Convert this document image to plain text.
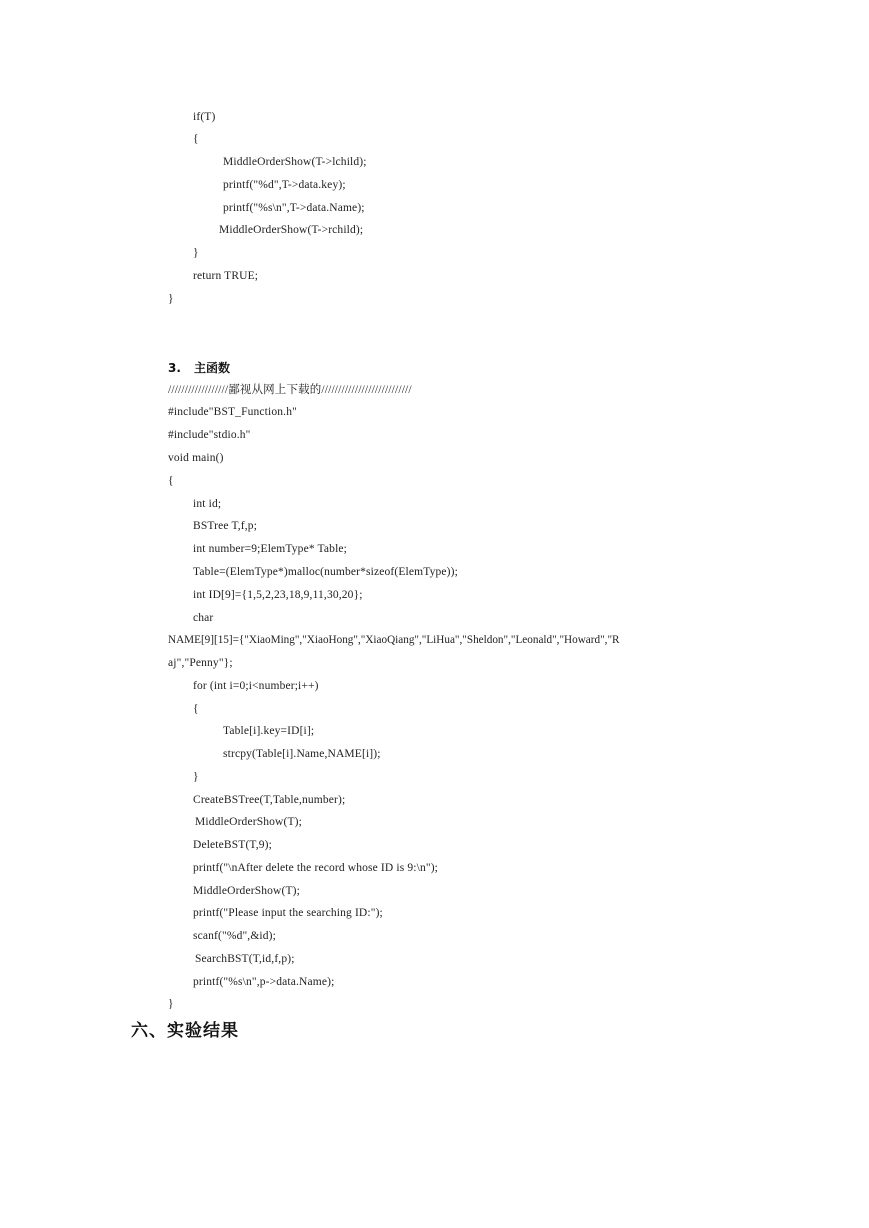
if(T)
{
MiddleOrderShow(T->lchild);
printf("%d",T->data.key);
printf("%s\n",T->data.Name);
MiddleOrderShow(T->rchild);
}
return TRUE;
}
3. 主函数
//////////////////鄙视从网上下载的///////////////////////////
#include"BST_Function.h"
#include"stdio.h"
void main()
{
int id;
BSTree T,f,p;
int number=9;ElemType* Table;
Table=(ElemType*)malloc(number*sizeof(ElemType));
int ID[9]={1,5,2,23,18,9,11,30,20};
char
NAME[9][15]={"XiaoMing","XiaoHong","XiaoQiang","LiHua","Sheldon","Leonald","Howard","R
aj","Penny"};
for (int i=0;i<number;i++)
{
Table[i].key=ID[i];
strcpy(Table[i].Name,NAME[i]);
}
CreateBSTree(T,Table,number);
MiddleOrderShow(T);
DeleteBST(T,9);
printf("\nAfter delete the record whose ID is 9:\n");
MiddleOrderShow(T);
printf("Please input the searching ID:");
scanf("%d",&id);
SearchBST(T,id,f,p);
printf("%s\n",p->data.Name);
}
六、实验结果
